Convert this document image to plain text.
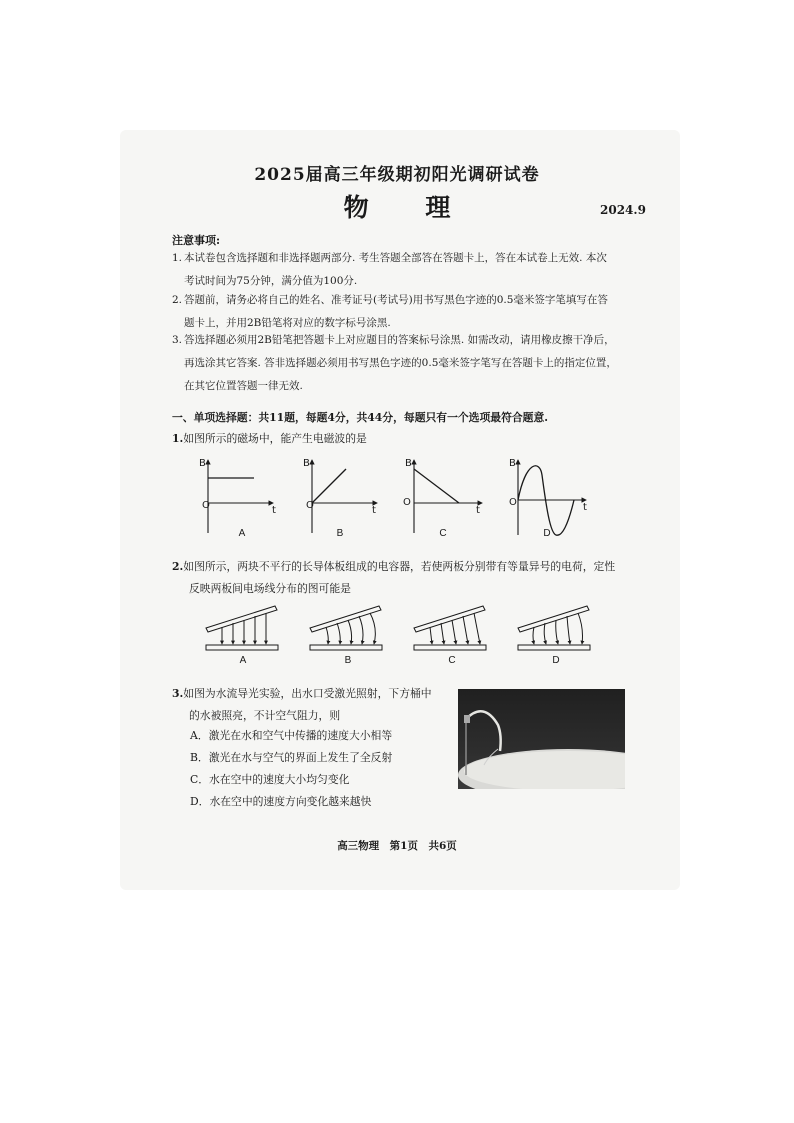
2025届高三年级期初阳光调研试卷
物 理	2024.9
注意事项:
1. 本试卷包含选择题和非选择题两部分. 考生答题全部答在答题卡上，答在本试卷上无效. 本次
考试时间为75分钟，满分值为100分.
2. 答题前，请务必将自己的姓名、准考证号(考试号)用书写黑色字迹的0.5毫米签字笔填写在答
题卡上，并用2B铅笔将对应的数字标号涂黑.
3. 答选择题必须用2B铅笔把答题卡上对应题目的答案标号涂黑. 如需改动，请用橡皮擦干净后，
再选涂其它答案. 答非选择题必须用书写黑色字迹的0.5毫米签字笔写在答题卡上的指定位置，
在其它位置答题一律无效.
一、单项选择题：共11题，每题4分，共44分，每题只有一个选项最符合题意.
1.如图所示的磁场中，能产生电磁波的是
B
O	t
B
O	t
B
O
t
B
O	t
A	B	C	D
2.如图所示，两块不平行的长导体板组成的电容器，若使两板分别带有等量异号的电荷，定性
反映两板间电场线分布的图可能是
A	B	C	D
3.如图为水流导光实验，出水口受激光照射，下方桶中
的水被照亮，不计空气阻力，则
A．激光在水和空气中传播的速度大小相等
B．激光在水与空气的界面上发生了全反射
C．水在空中的速度大小均匀变化
D．水在空中的速度方向变化越来越快
高三物理　第1页　共6页
